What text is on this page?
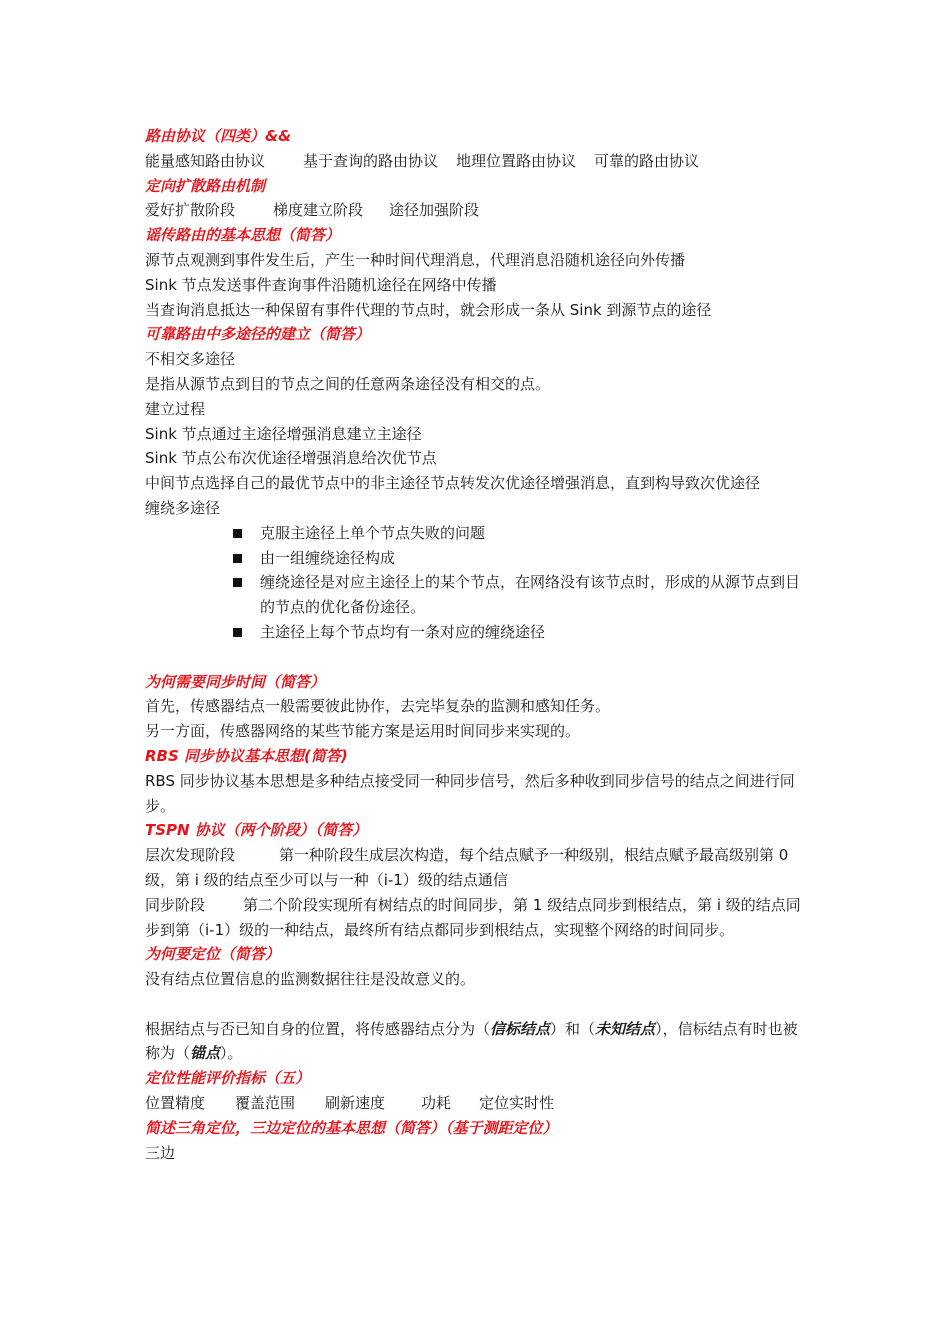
路由协议（四类）&&

能量感知路由协议	基于查询的路由协议 地理位置路由协议 可靠的路由协议

定向扩散路由机制

爱好扩散阶段	梯度建立阶段 途径加强阶段

谣传路由的基本思想（简答）

源节点观测到事件发生后，产生一种时间代理消息，代理消息沿随机途径向外传播

Sink 节点发送事件查询事件沿随机途径在网络中传播

当查询消息抵达一种保留有事件代理的节点时，就会形成一条从 Sink 到源节点的途径

可靠路由中多途径的建立（简答）

不相交多途径

是指从源节点到目的节点之间的任意两条途径没有相交的点。

建立过程

Sink 节点通过主途径增强消息建立主途径

Sink 节点公布次优途径增强消息给次优节点

中间节点选择自己的最优节点中的非主途径节点转发次优途径增强消息，直到构导致次优途径

缠绕多途径

克服主途径上单个节点失败的问题
由一组缠绕途径构成
缠绕途径是对应主途径上的某个节点，在网络没有该节点时，形成的从源节点到目的节点的优化备份途径。
主途径上每个节点均有一条对应的缠绕途径

为何需要同步时间（简答）

首先，传感器结点一般需要彼此协作，去完毕复杂的监测和感知任务。

另一方面，传感器网络的某些节能方案是运用时间同步来实现的。

RBS 同步协议基本思想(简答)

RBS 同步协议基本思想是多种结点接受同一种同步信号，然后多种收到同步信号的结点之间进行同步。

TSPN 协议（两个阶段）（简答）

层次发现阶段	第一种阶段生成层次构造，每个结点赋予一种级别，根结点赋予最高级别第 0 级，第 i 级的结点至少可以与一种（i-1）级的结点通信

同步阶段	第二个阶段实现所有树结点的时间同步，第 1 级结点同步到根结点，第 i 级的结点同步到第（i-1）级的一种结点，最终所有结点都同步到根结点，实现整个网络的时间同步。

为何要定位（简答）

没有结点位置信息的监测数据往往是没故意义的。

根据结点与否已知自身的位置，将传感器结点分为（信标结点）和（未知结点），信标结点有时也被称为（锚点）。

定位性能评价指标（五）

位置精度 覆盖范围 刷新速度 功耗 定位实时性

简述三角定位，三边定位的基本思想（简答）（基于测距定位）

三边
